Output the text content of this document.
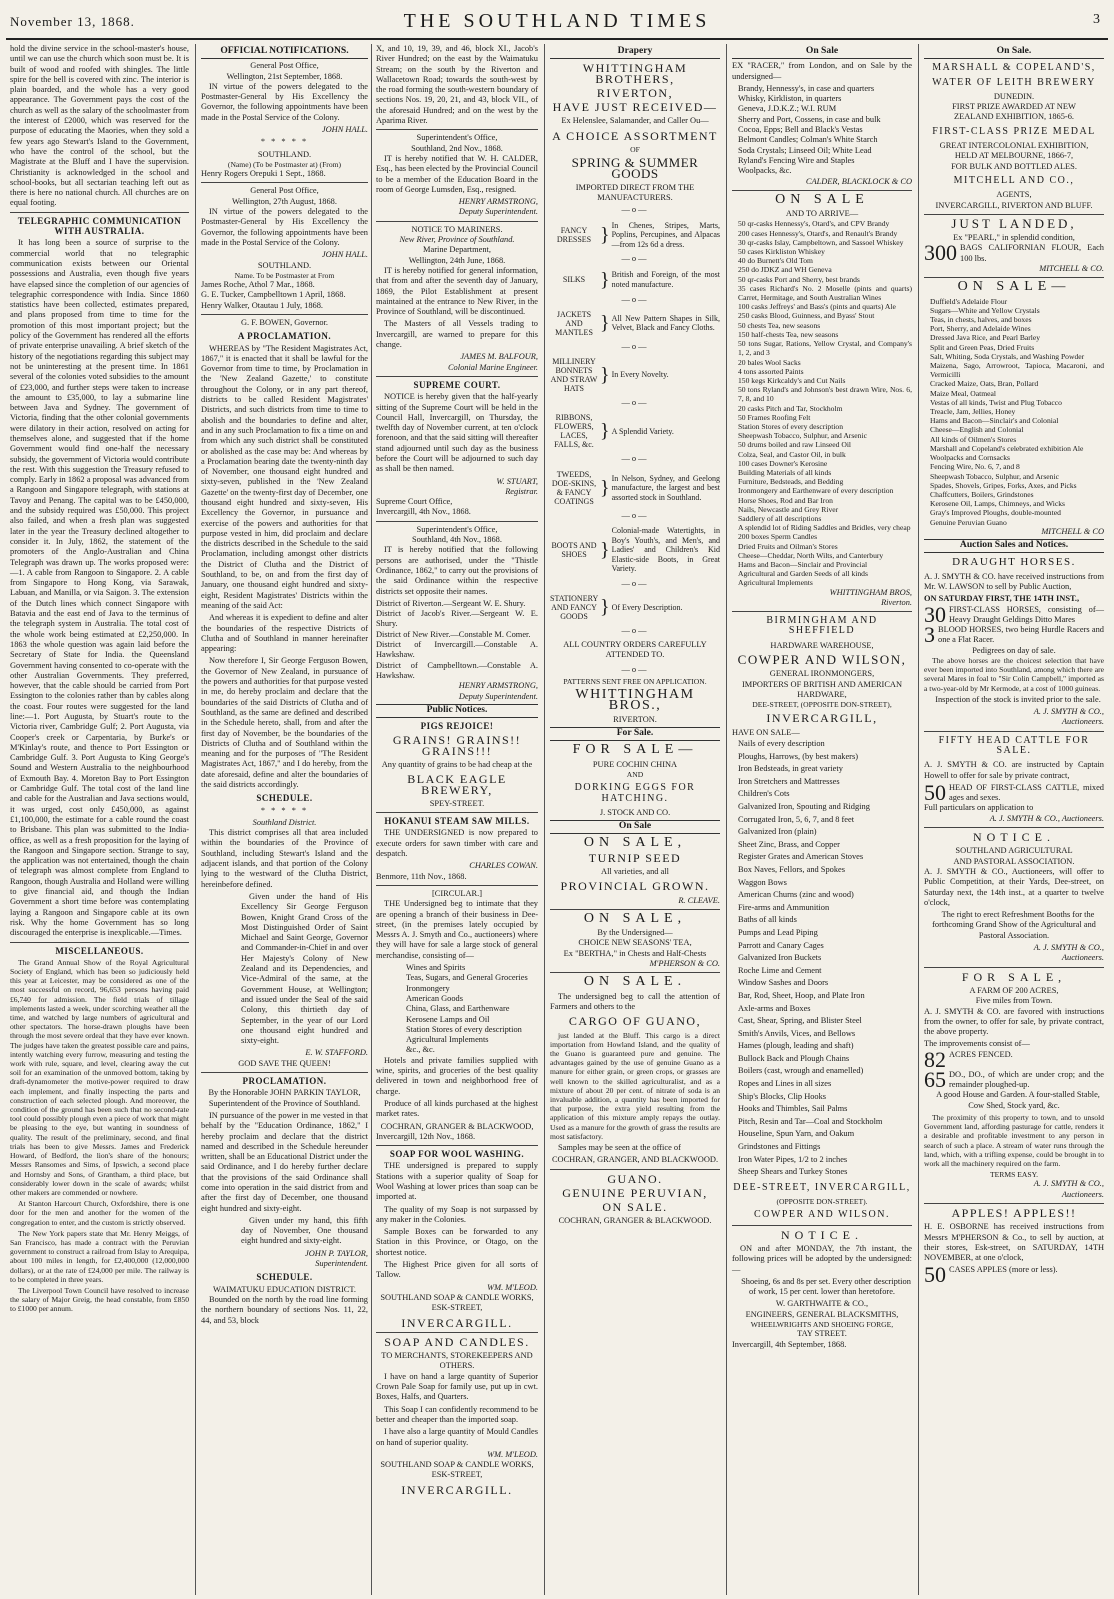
November 13, 1868.	THE SOUTHLAND TIMES	3

hold the divine service in the school-master's house, until we can use the church which soon must be. It is built of wood and roofed with shingles. The little spire for the bell is covered with zinc. The interior is plain boarded, and the whole has a very good appearance. The Government pays the cost of the church as well as the salary of the schoolmaster from the interest of £2000, which was reserved for the purpose of educating the Maories, when they sold a few years ago Stewart's Island to the Government, who have the control of the school, but the Magistrate at the Bluff and I have the supervision. Christianity is acknowledged in the school and school-books, but all sectarian teaching left out as there is here no national church. All churches are on equal footing.

TELEGRAPHIC COMMUNICATION WITH AUSTRALIA.

It has long been a source of surprise to the commercial world that no telegraphic communication exists between our Oriental possessions and Australia, even though five years have elapsed since the completion of our agencies of telegraphic correspondence with India. Since 1860 statistics have been collected, estimates prepared, and plans proposed from time to time for the promotion of this most important project; but the policy of the Government has rendered all the efforts of private enterprise unavailing. A brief sketch of the history of the negotiations regarding this subject may not be uninteresting at the present time. In 1861 several of the colonies voted subsidies to the amount of £23,000, and further steps were taken to increase the amount to £35,000, to lay a submarine line between Java and Sydney. The government of Victoria, finding that the other colonial governments were dilatory in their action, resolved on acting for themselves alone, and suggested that if the home Government would find one-half the necessary subsidy, the government of Victoria would contribute the rest. With this suggestion the Treasury refused to comply. Early in 1862 a proposal was advanced from a Rangoon and Singapore telegraph, with stations at Tavoy and Penang. The capital was to be £450,000, and the subsidy required was £50,000. This project also failed, and when a fresh plan was suggested later in the year the Treasury declined altogether to consider it. In July, 1862, the statement of the promoters of the Anglo-Australian and China Telegraph was drawn up. The works proposed were:—1. A cable from Rangoon to Singapore. 2. A cable from Singapore to Hong Kong, via Sarawak, Labuan, and Manilla, or via Saigon. 3. The extension of the Dutch lines which connect Singapore with Batavia and the east end of Java to the terminus of the telegraph system in Australia. The total cost of the whole work being estimated at £2,250,000. In 1863 the whole question was again laid before the Secretary of State for India. the Queensland Government having consented to co-operate with the other Australian Governments. They preferred, however, that the cable should be carried from Port Essington to the colonies rather than by cables along the coast. Four routes were suggested for the land line:—1. Port Augusta, by Stuart's route to the Victoria river, Cambridge Gulf; 2. Port Augusta, via Cooper's creek or Carpentaria, by Burke's or M'Kinlay's route, and thence to Port Essington or Cambridge Gulf. 3. Port Augusta to King George's Sound and Western Australia to the neighbourhood of Exmouth Bay. 4. Moreton Bay to Port Essington or Cambridge Gulf. The total cost of the land line and cable for the Australian and Java sections would, it was urged, cost only £450,000, as against £1,100,000, the estimate for a cable round the coast to Brisbane. This plan was submitted to the India-office, as well as a fresh proposition for the laying of the Rangoon and Singapore section. Strange to say, the application was not entertained, though the chain of telegraph was almost complete from England to Rangoon, though Australia and Holland were willing to give financial aid, and though the Indian Government a short time before was contemplating laying a Rangoon and Singapore cable at its own risk. Why the home Government has so long discouraged the enterprise is inexplicable.—Times.

MISCELLANEOUS.

The Grand Annual Show of the Royal Agricultural Society of England, which has been so judiciously held this year at Leicester, may be considered as one of the most successful on record, 96,653 persons having paid £6,740 for admission. The field trials of tillage implements lasted a week, under scorching weather all the time, and watched by large numbers of agricultural and other spectators. The horse-drawn ploughs have been through the most severe ordeal that they have ever known. The judges have taken the greatest possible care and pains, intently watching every furrow, measuring and testing the work with rule, square, and level, clearing away the cut soil for an examination of the unmoved bottom, taking by draft-dynamometer the motive-power required to draw each implement, and finally inspecting the parts and construction of each selected plough. And moreover, the condition of the ground has been such that no second-rate tool could possibly plough even a piece of work that might be pleasing to the eye, but wanting in soundness of quality. The result of the preliminary, second, and final trials has been to give Messrs. James and Frederick Howard, of Bedford, the lion's share of the honours; Messrs Ransomes and Sims, of Ipswich, a second place and Hornsby and Sons, of Grantham, a third place, but considerably lower down in the scale of awards; whilst other makers are commended or nowhere.

At Stanton Harcourt Church, Oxfordshire, there is one door for the men and another for the women of the congregation to enter, and the custom is strictly observed.

The New York papers state that Mr. Henry Meiggs, of San Francisco, has made a contract with the Peruvian government to construct a railroad from Islay to Arequipa, about 100 miles in length, for £2,400,000 (12,000,000 dollars), or at the rate of £24,000 per mile. The railway is to be completed in three years.

The Liverpool Town Council have resolved to increase the salary of Major Greig, the head constable, from £850 to £1000 per annum.

OFFICIAL NOTIFICATIONS.
General Post Office,
Wellington, 21st September, 1868.

IN virtue of the powers delegated to the Postmaster-General by His Excellency the Governor, the following appointments have been made in the Postal Service of the Colony.

JOHN HALL.
* * * * *
SOUTHLAND.
(Name) (To be Postmaster at) (From)
Henry Rogers Orepuki 1 Sept., 1868.
General Post Office,
Wellington, 27th August, 1868.

IN virtue of the powers delegated to the Postmaster-General by His Excellency the Governor, the following appointments have been made in the Postal Service of the Colony.

JOHN HALL.
SOUTHLAND.
Name. To be Postmaster at From
James Roche, Athol 7 Mar., 1868.
G. E. Tucker, Campbelltown 1 April, 1868.
Henry Walker, Otautau 1 July, 1868.
G. F. BOWEN, Governor.
A PROCLAMATION.

WHEREAS by "The Resident Magistrates Act, 1867," it is enacted that it shall be lawful for the Governor from time to time, by Proclamation in the 'New Zealand Gazette,' to constitute throughout the Colony, or in any part thereof, districts to be called Resident Magistrates' Districts, and such districts from time to time to abolish and the boundaries to define and alter, and in any such Proclamation to fix a time on and from which any such district shall be constituted or abolished as the case may be: And whereas by a Proclamation bearing date the twenty-ninth day of November, one thousand eight hundred and sixty-seven, published in the 'New Zealand Gazette' on the twenty-first day of December, one thousand eight hundred and sixty-seven, His Excellency the Governor, in pursuance and exercise of the powers and authorities for that purpose vested in him, did proclaim and declare the districts described in the Schedule to the said Proclamation, including amongst other districts the District of Clutha and the District of Southland, to be, on and from the first day of January, one thousand eight hundred and sixty-eight, Resident Magistrates' Districts within the meaning of the said Act:

And whereas it is expedient to define and alter the boundaries of the respective Districts of Clutha and of Southland in manner hereinafter appearing:

Now therefore I, Sir George Ferguson Bowen, the Governor of New Zealand, in pursuance of the powers and authorities for that purpose vested in me, do hereby proclaim and declare that the boundaries of the said Districts of Clutha and of Southland, as the same are defined and described in the Schedule hereto, shall, from and after the first day of November, be the boundaries of the Districts of Clutha and of Southland within the meaning and for the purposes of "The Resident Magistrates Act, 1867," and I do hereby, from the date aforesaid, define and alter the boundaries of the said districts accordingly.

SCHEDULE.
* * * * *
Southland District.

This district comprises all that area included within the boundaries of the Province of Southland, including Stewart's Island and the adjacent islands, and that portion of the Colony lying to the westward of the Clutha District, hereinbefore defined.

Given under the hand of His Excellency Sir George Ferguson Bowen, Knight Grand Cross of the Most Distinguished Order of Saint Michael and Saint George, Governor and Commander-in-Chief in and over Her Majesty's Colony of New Zealand and its Dependencies, and Vice-Admiral of the same, at the Government House, at Wellington; and issued under the Seal of the said Colony, this thirtieth day of September, in the year of our Lord one thousand eight hundred and sixty-eight.

E. W. STAFFORD.
GOD SAVE THE QUEEN!
PROCLAMATION.

By the Honorable JOHN PARKIN TAYLOR, Superintendent of the Province of Southland.

IN pursuance of the power in me vested in that behalf by the "Education Ordinance, 1862," I hereby proclaim and declare that the district named and described in the Schedule hereunder written, shall be an Educational District under the said Ordinance, and I do hereby further declare that the provisions of the said Ordinance shall come into operation in the said district from and after the first day of December, one thousand eight hundred and sixty-eight.

Given under my hand, this fifth day of November, One thousand eight hundred and sixty-eight.

JOHN P. TAYLOR,
Superintendent.
SCHEDULE.
WAIMATUKU EDUCATION DISTRICT.

Bounded on the north by the road line forming the northern boundary of sections Nos. 11, 22, 44, and 53, block

X, and 10, 19, 39, and 46, block XI., Jacob's River Hundred; on the east by the Waimatuku Stream; on the south by the Riverton and Wallacetown Road; towards the south-west by the road forming the south-western boundary of sections Nos. 19, 20, 21, and 43, block VII., of the aforesaid Hundred; and on the west by the Aparima River.

Superintendent's Office,
Southland, 2nd Nov., 1868.

IT is hereby notified that W. H. CALDER, Esq., has been elected by the Provincial Council to be a member of the Education Board in the room of George Lumsden, Esq., resigned.

HENRY ARMSTRONG,
Deputy Superintendent.
NOTICE TO MARINERS.
New River, Province of Southland.
Marine Department,
Wellington, 24th June, 1868.

IT is hereby notified for general information, that from and after the seventh day of January, 1869, the Pilot Establishment at present maintained at the entrance to New River, in the Province of Southland, will be discontinued.

The Masters of all Vessels trading to Invercargill, are warned to prepare for this change.

JAMES M. BALFOUR,
Colonial Marine Engineer.
SUPREME COURT.

NOTICE is hereby given that the half-yearly sitting of the Supreme Court will be held in the Council Hall, Invercargill, on Thursday, the twelfth day of November current, at ten o'clock forenoon, and that the said sitting will thereafter stand adjourned until such day as the business before the Court will be adjourned to such day as shall be then named.

W. STUART,
Registrar.
Supreme Court Office,
Invercargill, 4th Nov., 1868.
Superintendent's Office,
Southland, 4th Nov., 1868.

IT is hereby notified that the following persons are authorised, under the "Thistle Ordinance, 1862," to carry out the provisions of the said Ordinance within the respective districts set opposite their names.

District of Riverton.—Sergeant W. E. Shury.
District of Jacob's River.—Sergeant W. E. Shury.
District of New River.—Constable M. Comer.
District of Invercargill.—Constable A. Hawkshaw.
District of Campbelltown.—Constable A. Hawkshaw.
HENRY ARMSTRONG,
Deputy Superintendent.
Public Notices.
PIGS REJOICE!
GRAINS! GRAINS!! GRAINS!!!
Any quantity of grains to be had cheap at the
BLACK EAGLE BREWERY,
SPEY-STREET.
HOKANUI STEAM SAW MILLS.

THE UNDERSIGNED is now prepared to execute orders for sawn timber with care and despatch.

CHARLES COWAN.
Benmore, 11th Nov., 1868.
[CIRCULAR.]

THE Undersigned beg to intimate that they are opening a branch of their business in Dee-street, (in the premises lately occupied by Messrs A. J. Smyth and Co., auctioneers) where they will have for sale a large stock of general merchandise, consisting of—

Wines and Spirits
Teas, Sugars, and General Groceries
Ironmongery
American Goods
China, Glass, and Earthenware
Kerosene Lamps and Oil
Station Stores of every description
Agricultural Implements
&c., &c.

Hotels and private families supplied with wine, spirits, and groceries of the best quality delivered in town and neighborhood free of charge.

Produce of all kinds purchased at the highest market rates.

COCHRAN, GRANGER & BLACKWOOD,
Invercargill, 12th Nov., 1868.
SOAP FOR WOOL WASHING.

THE undersigned is prepared to supply Stations with a superior quality of Soap for Wool Washing at lower prices than soap can be imported at.

The quality of my Soap is not surpassed by any maker in the Colonies.

Sample Boxes can be forwarded to any Station in this Province, or Otago, on the shortest notice.

The Highest Price given for all sorts of Tallow.

WM. M'LEOD.
SOUTHLAND SOAP & CANDLE WORKS,
ESK-STREET,
INVERCARGILL.
SOAP AND CANDLES.
TO MERCHANTS, STOREKEEPERS AND OTHERS.

I have on hand a large quantity of Superior Crown Pale Soap for family use, put up in cwt. Boxes, Halfs, and Quarters.

This Soap I can confidently recommend to be better and cheaper than the imported soap.

I have also a large quantity of Mould Candles on hand of superior quality.

WM. M'LEOD.
SOUTHLAND SOAP & CANDLE WORKS,
ESK-STREET,
INVERCARGILL.
Drapery
WHITTINGHAM BROTHERS,
RIVERTON,
HAVE JUST RECEIVED—
Ex Helenslee, Salamander, and Caller Ou—
A CHOICE ASSORTMENT
OF
SPRING & SUMMER GOODS
IMPORTED DIRECT FROM THE
MANUFACTURERS.
—o—
FANCY DRESSES } In Chenes, Stripes, Marts, Poplins, Percupines, and Alpacas—from 12s 6d a dress.
—o—
SILKS } British and Foreign, of the most noted manufacture.
—o—
JACKETS AND MANTLES } All New Pattern Shapes in Silk, Velvet, Black and Fancy Cloths.
—o—
MILLINERY BONNETS AND STRAW HATS
} In Every Novelty.
—o—
RIBBONS, FLOWERS, LACES, FALLS, &c.
} A Splendid Variety.
—o—
TWEEDS, DOE-SKINS, & FANCY COATINGS
} In Nelson, Sydney, and Geelong manufacture, the largest and best assorted stock in Southland.
—o—
BOOTS AND SHOES }
Colonial-made Watertights, in Boy's Youth's, and Men's, and Ladies' and Children's Kid Elastic-side Boots, in Great Variety.
—o—
STATIONERY AND FANCY GOODS } Of Every Description.
—o—
ALL COUNTRY ORDERS CAREFULLY ATTENDED TO.
—o—
PATTERNS SENT FREE ON APPLICATION.
WHITTINGHAM BROS.,
RIVERTON.
For Sale.
FOR SALE—
PURE COCHIN CHINA
AND
DORKING EGGS FOR HATCHING.
J. STOCK AND CO.
On Sale
ON SALE,
TURNIP SEED
All varieties, and all
PROVINCIAL GROWN.
R. CLEAVE.
ON SALE,
By the Undersigned—
CHOICE NEW SEASONS' TEA,
Ex "BERTHA," in Chests and Half-Chests
M'PHERSON & CO.
ON SALE.

The undersigned beg to call the attention of Farmers and others to the

CARGO OF GUANO,

just landed at the Bluff. This cargo is a direct importation from Howland Island, and the quality of the Guano is guaranteed pure and genuine. The advantages gained by the use of genuine Guano as a manure for either grain, or green crops, or grasses are well known to the skilled agriculturalist, and as a mixture of about 20 per cent. of nitrate of soda is an invaluable addition, a quantity has been imported for that purpose, the extra yield resulting from the application of this mixture amply repays the outlay. Used as a manure for the growth of grass the results are most satisfactory.

Samples may be seen at the office of

COCHRAN, GRANGER, AND BLACKWOOD.
GUANO.
GENUINE PERUVIAN,
ON SALE.
COCHRAN, GRANGER & BLACKWOOD.
On Sale

EX "RACER," from London, and on Sale by the undersigned—

Brandy, Hennessy's, in case and quarters
Whisky, Kirkliston, in quarters
Geneva, J.D.K.Z.; W.I. RUM
Sherry and Port, Cossens, in case and bulk
Cocoa, Epps; Bell and Black's Vestas
Belmont Candles; Colman's White Starch
Soda Crystals; Linseed Oil; White Lead
Ryland's Fencing Wire and Staples
Woolpacks, &c.
CALDER, BLACKLOCK & CO
ON SALE
AND TO ARRIVE—
50 qr-casks Hennessy's, Otard's, and CPV Brandy
200 cases Hennessy's, Otard's, and Renault's Brandy
30 qr-casks Islay, Campbeltown, and Sassoel Whiskey
50 cases Kirkliston Whiskey
40 do Burnett's Old Tom
250 do JDKZ and WH Geneva
50 qr-casks Port and Sherry, best brands
35 cases Richard's No. 2 Moselle (pints and quarts) Carret, Hermitage, and South Australian Wines
100 casks Jeffreys' and Bass's (pints and quarts) Ale
250 casks Blood, Guinness, and Byass' Stout
50 chests Tea, new seasons
150 half-chests Tea, new seasons
50 tons Sugar, Rations, Yellow Crystal, and Company's 1, 2, and 3
20 bales Wool Sacks
4 tons assorted Paints
150 kegs Kirkcaldy's and Cut Nails
50 tons Ryland's and Johnson's best drawn Wire, Nos. 6, 7, 8, and 10
20 casks Pitch and Tar, Stockholm
50 Frames Roofing Felt
Station Stores of every description
Sheepwash Tobacco, Sulphur, and Arsenic
50 drums boiled and raw Linseed Oil
Colza, Seal, and Castor Oil, in bulk
100 cases Downer's Kerosine
Building Materials of all kinds
Furniture, Bedsteads, and Bedding
Ironmongery and Earthenware of every description
Horse Shoes, Rod and Bar Iron
Nails, Newcastle and Grey River
Saddlery of all descriptions
A splendid lot of Riding Saddles and Bridles, very cheap
200 boxes Sperm Candles
Dried Fruits and Oilman's Stores
Cheese—Cheddar, North Wilts, and Canterbury
Hams and Bacon—Sinclair and Provincial
Agricultural and Garden Seeds of all kinds
Agricultural Implements
WHITTINGHAM BROS,
Riverton.
BIRMINGHAM AND SHEFFIELD
HARDWARE WAREHOUSE,
COWPER AND WILSON,
GENERAL IRONMONGERS,
IMPORTERS OF BRITISH AND AMERICAN
HARDWARE,
DEE-STREET, (OPPOSITE DON-STREET),
INVERCARGILL,
HAVE ON SALE—
Nails of every description
Ploughs, Harrows, (by best makers)
Iron Bedsteads, in great variety
Iron Stretchers and Mattresses
Children's Cots
Galvanized Iron, Spouting and Ridging
Corrugated Iron, 5, 6, 7, and 8 feet
Galvanized Iron (plain)
Sheet Zinc, Brass, and Copper
Register Grates and American Stoves
Box Naves, Fellors, and Spokes
Waggon Bows
American Churns (zinc and wood)
Fire-arms and Ammunition
Baths of all kinds
Pumps and Lead Piping
Parrott and Canary Cages
Galvanized Iron Buckets
Roche Lime and Cement
Window Sashes and Doors
Bar, Rod, Sheet, Hoop, and Plate Iron
Axle-arms and Boxes
Cast, Shear, Spring, and Blister Steel
Smith's Anvils, Vices, and Bellows
Hames (plough, leading and shaft)
Bullock Back and Plough Chains
Boilers (cast, wrough and enamelled)
Ropes and Lines in all sizes
Ship's Blocks, Clip Hooks
Hooks and Thimbles, Sail Palms
Pitch, Resin and Tar—Coal and Stockholm
Houseline, Spun Yarn, and Oakum
Grindstones and Fittings
Iron Water Pipes, 1/2 to 2 inches
Sheep Shears and Turkey Stones
DEE-STREET, INVERCARGILL,
(OPPOSITE DON-STREET).
COWPER AND WILSON.
NOTICE.

ON and after MONDAY, the 7th instant, the following prices will be adopted by the undersigned:—

Shoeing, 6s and 8s per set. Every other description of work, 15 per cent. lower than heretofore.

W. GARTHWAITE & CO.,
ENGINEERS, GENERAL BLACKSMITHS,
WHEELWRIGHTS AND SHOEING FORGE,
TAY STREET.
Invercargill, 4th September, 1868.
On Sale.
MARSHALL & COPELAND'S,
WATER OF LEITH BREWERY
DUNEDIN.
FIRST PRIZE AWARDED AT NEW
ZEALAND EXHIBITION, 1865-6.
FIRST-CLASS PRIZE MEDAL
GREAT INTERCOLONIAL EXHIBITION,
HELD AT MELBOURNE, 1866-7,
FOR BULK AND BOTTLED ALES.
MITCHELL AND CO.,
AGENTS,
INVERCARGILL, RIVERTON AND BLUFF.
JUST LANDED,
Ex "PEARL," in splendid condition,
300 BAGS CALIFORNIAN FLOUR, Each 100 lbs.
MITCHELL & CO.
ON SALE—
Duffield's Adelaide Flour
Sugars—White and Yellow Crystals
Teas, in chests, halves, and boxes
Port, Sherry, and Adelaide Wines
Dressed Java Rice, and Pearl Barley
Split and Green Peas, Dried Fruits
Salt, Whiting, Soda Crystals, and Washing Powder
Maizena, Sago, Arrowroot, Tapioca, Macaroni, and Vermicilli
Cracked Maize, Oats, Bran, Pollard
Maize Meal, Oatmeal
Vestas of all kinds, Twist and Plug Tobacco
Treacle, Jam, Jellies, Honey
Hams and Bacon—Sinclair's and Colonial
Cheese—English and Colonial
All kinds of Oilmen's Stores
Marshall and Copeland's celebrated exhibition Ale
Woolpacks and Cornsacks
Fencing Wire, No. 6, 7, and 8
Sheepwash Tobacco, Sulphur, and Arsenic
Spades, Shovels, Gripes, Forks, Axes, and Picks
Chaffcutters, Boilers, Grindstones
Kerosene Oil, Lamps, Chimneys, and Wicks
Gray's Improved Ploughs, double-mounted
Genuine Peruvian Guano
MITCHELL & CO
Auction Sales and Notices.
DRAUGHT HORSES.

A. J. SMYTH & CO. have received instructions from Mr. W. LAWSON to sell by Public Auction,

ON SATURDAY FIRST, THE 14TH INST.,
30 FIRST-CLASS HORSES, consisting of— Heavy Draught Geldings Ditto Mares
3 BLOOD HORSES, two being Hurdle Racers and one a Flat Racer.
Pedigrees on day of sale.

The above horses are the choicest selection that have ever been imported into Southland, among which there are several Mares in foal to "Sir Colin Campbell," imported as a two-year-old by Mr Kermode, at a cost of 1000 guineas.

Inspection of the stock is invited prior to the sale.

A. J. SMYTH & CO.,
Auctioneers.
FIFTY HEAD CATTLE FOR SALE.

A. J. SMYTH & CO. are instructed by Captain Howell to offer for sale by private contract,

50 HEAD OF FIRST-CLASS CATTLE, mixed ages and sexes.
Full particulars on application to
A. J. SMYTH & CO., Auctioneers.
NOTICE.
SOUTHLAND AGRICULTURAL
AND PASTORAL ASSOCIATION.

A. J. SMYTH & CO., Auctioneers, will offer to Public Competition, at their Yards, Dee-street, on Saturday next, the 14th inst., at a quarter to twelve o'clock,

The right to erect Refreshment Booths for the forthcoming Grand Show of the Agricultural and Pastoral Association.

A. J. SMYTH & CO.,
Auctioneers.
FOR SALE,
A FARM OF 200 ACRES,
Five miles from Town.

A. J. SMYTH & CO. are favored with instructions from the owner, to offer for sale, by private contract, the above property.

The improvements consist of—
82 ACRES FENCED.
65 DO., DO., of which are under crop; and the remainder ploughed-up.

A good House and Garden. A four-stalled Stable, Cow Shed, Stock yard, &c.

The proximity of this property to town, and to unsold Government land, affording pasturage for cattle, renders it a desirable and profitable investment to any person in search of such a place. A stream of water runs through the land, which, with a trifling expense, could be brought in to work all the machinery required on the farm.

TERMS EASY.
A. J. SMYTH & CO.,
Auctioneers.
APPLES! APPLES!!

H. E. OSBORNE has received instructions from Messrs M'PHERSON & Co., to sell by auction, at their stores, Esk-street, on SATURDAY, 14TH NOVEMBER, at one o'clock,

50 CASES APPLES (more or less).
